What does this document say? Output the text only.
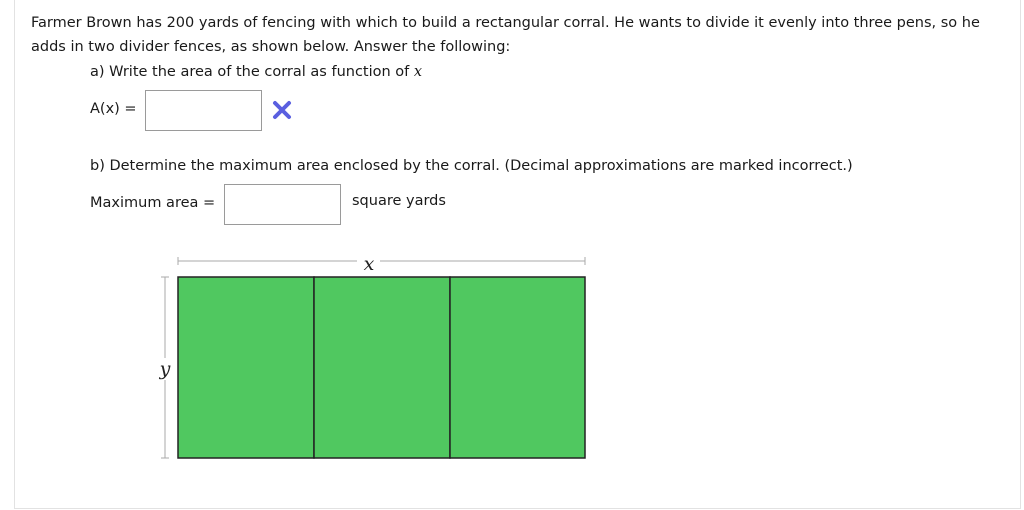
Farmer Brown has 200 yards of fencing with which to build a rectangular corral. He wants to divide it evenly into three pens, so he adds in two divider fences, as shown below. Answer the following:
a) Write the area of the corral as function of x
A(x) =
b) Determine the maximum area enclosed by the corral. (Decimal approximations are marked incorrect.)
Maximum area =	square yards
x
y
